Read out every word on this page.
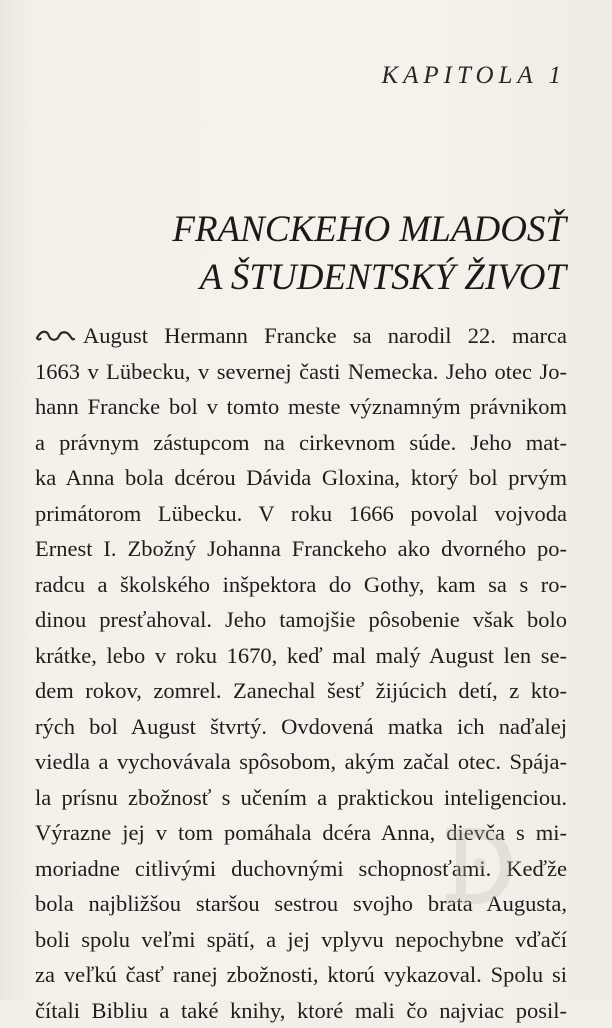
KAPITOLA 1
FRANCKEHO MLADOSŤ
A ŠTUDENTSKÝ ŽIVOT
August Hermann Francke sa narodil 22. marca
1663 v Lübecku, v severnej časti Nemecka. Jeho otec Jo-
hann Francke bol v tomto meste významným právnikom
a právnym zástupcom na cirkevnom súde. Jeho mat-
ka Anna bola dcérou Dávida Gloxina, ktorý bol prvým
primátorom Lübecku. V roku 1666 povolal vojvoda
Ernest I. Zbožný Johanna Franckeho ako dvorného po-
radcu a školského inšpektora do Gothy, kam sa s ro-
dinou presťahoval. Jeho tamojšie pôsobenie však bolo
krátke, lebo v roku 1670, keď mal malý August len se-
dem rokov, zomrel. Zanechal šesť žijúcich detí, z kto-
rých bol August štvrtý. Ovdovená matka ich naďalej
viedla a vychovávala spôsobom, akým začal otec. Spája-
la prísnu zbožnosť s učením a praktickou inteligenciou.
Výrazne jej v tom pomáhala dcéra Anna, dievča s mi-
moriadne citlivými duchovnými schopnosťami. Keďže
bola najbližšou staršou sestrou svojho brata Augusta,
boli spolu veľmi spätí, a jej vplyvu nepochybne vďačí
za veľkú časť ranej zbožnosti, ktorú vykazoval. Spolu si
čítali Bibliu a také knihy, ktoré mali čo najviac posil-
